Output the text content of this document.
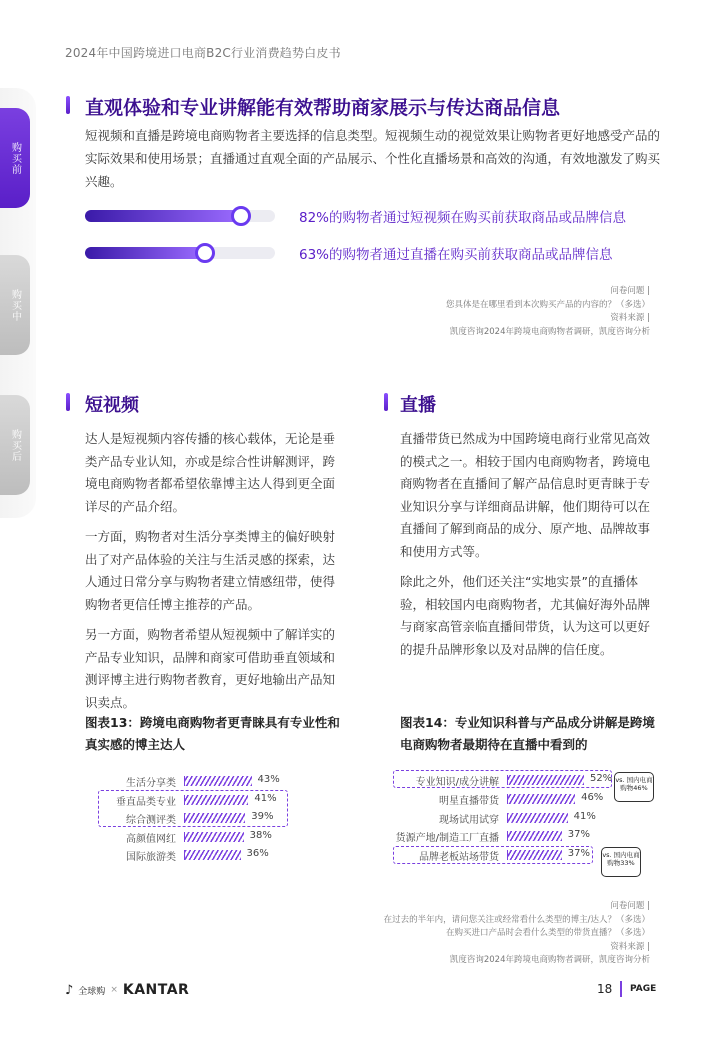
2024年中国跨境进口电商B2C行业消费趋势白皮书
购买前
购买中
购买后
直观体验和专业讲解能有效帮助商家展示与传达商品信息

短视频和直播是跨境电商购物者主要选择的信息类型。短视频生动的视觉效果让购物者更好地感受产品的实际效果和使用场景；直播通过直观全面的产品展示、个性化直播场景和高效的沟通，有效地激发了购买兴趣。

82%的购物者通过短视频在购买前获取商品或品牌信息
63%的购物者通过直播在购买前获取商品或品牌信息
问卷问题 |
您具体是在哪里看到本次购买产品的内容的？（多选）
资料来源 |
凯度咨询2024年跨境电商购物者调研，凯度咨询分析
短视频

达人是短视频内容传播的核心载体，无论是垂类产品专业认知，亦或是综合性讲解测评，跨境电商购物者都希望依靠博主达人得到更全面详尽的产品介绍。

一方面，购物者对生活分享类博主的偏好映射出了对产品体验的关注与生活灵感的探索，达人通过日常分享与购物者建立情感纽带，使得购物者更信任博主推荐的产品。

另一方面，购物者希望从短视频中了解详实的产品专业知识，品牌和商家可借助垂直领域和测评博主进行购物者教育，更好地输出产品知识卖点。

直播

直播带货已然成为中国跨境电商行业常见高效的模式之一。相较于国内电商购物者，跨境电商购物者在直播间了解产品信息时更青睐于专业知识分享与详细商品讲解，他们期待可以在直播间了解到商品的成分、原产地、品牌故事和使用方式等。

除此之外，他们还关注“实地实景”的直播体验，相较国内电商购物者，尤其偏好海外品牌与商家高管亲临直播间带货，认为这可以更好的提升品牌形象以及对品牌的信任度。

图表13：跨境电商购物者更青睐具有专业性和真实感的博主达人
图表14：专业知识科普与产品成分讲解是跨境电商购物者最期待在直播中看到的
生活分享类	43%
垂直品类专业	41%
综合测评类	39%
高颜值网红	38%
国际旅游类	36%
专业知识/成分讲解	52%
明星直播带货	46%
现场试用试穿	41%
货源产地/制造工厂直播	37%
品牌老板站场带货	37%
vs. 国内电商购物46%
vs. 国内电商购物33%
问卷问题 |
在过去的半年内，请问您关注或经常看什么类型的博主/达人？（多选）
在购买进口产品时会看什么类型的带货直播？（多选）
资料来源 |
凯度咨询2024年跨境电商购物者调研，凯度咨询分析
♪ 全球购 × KANTAR	18 PAGE
